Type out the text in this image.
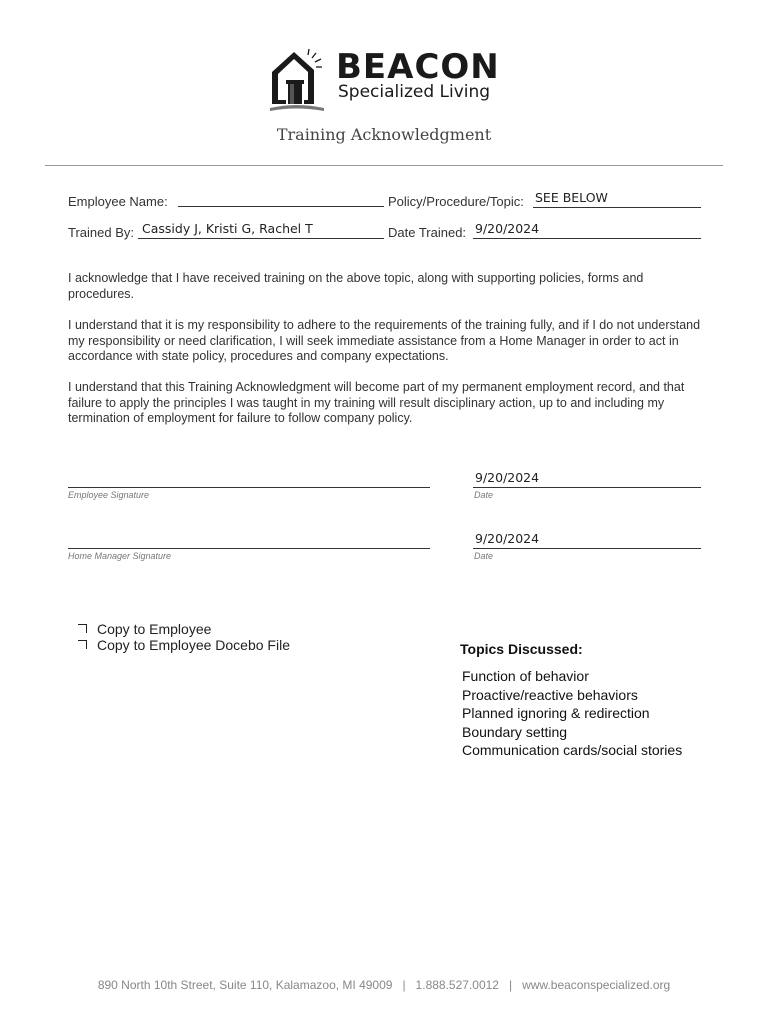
BEACON
Specialized Living
Training Acknowledgment
Employee Name:	Policy/Procedure/Topic: SEE BELOW
Trained By: Cassidy J, Kristi G, Rachel T	Date Trained: 9/20/2024
I acknowledge that I have received training on the above topic, along with supporting policies, forms and procedures.
I understand that it is my responsibility to adhere to the requirements of the training fully, and if I do not understand my responsibility or need clarification, I will seek immediate assistance from a Home Manager in order to act in accordance with state policy, procedures and company expectations.
I understand that this Training Acknowledgment will become part of my permanent employment record, and that failure to apply the principles I was taught in my training will result disciplinary action, up to and including my termination of employment for failure to follow company policy.
Employee Signature
9/20/2024
Date
Home Manager Signature
9/20/2024
Date
Copy to Employee
Copy to Employee Docebo File	Topics Discussed:
Function of behavior
Proactive/reactive behaviors
Planned ignoring & redirection
Boundary setting
Communication cards/social stories
890 North 10th Street, Suite 110, Kalamazoo, MI 49009   |   1.888.527.0012   |   www.beaconspecialized.org
